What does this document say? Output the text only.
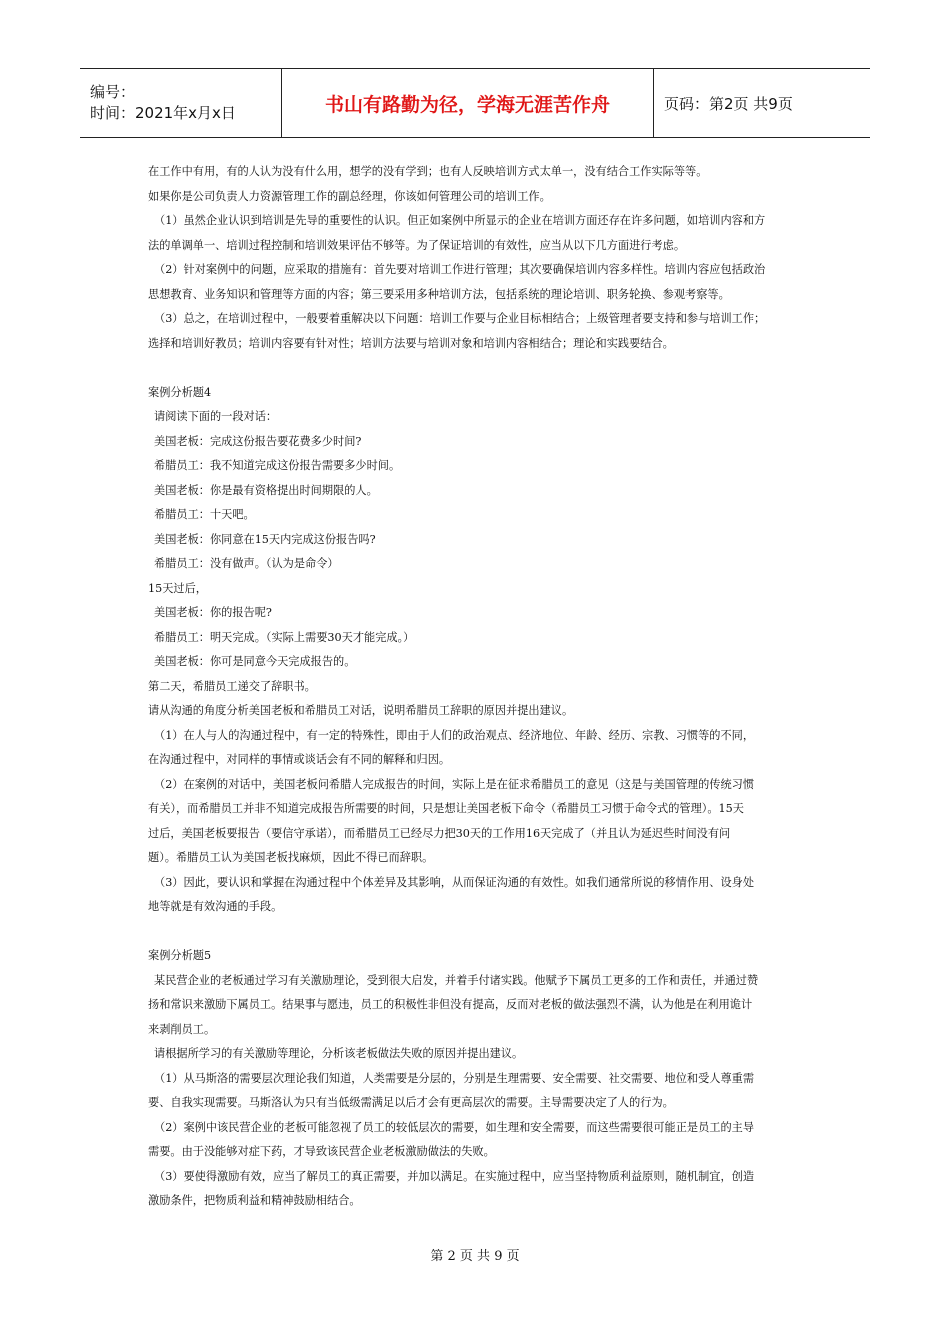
编号：
时间：2021年x月x日	书山有路勤为径，学海无涯苦作舟	页码：第2页 共9页
在工作中有用，有的人认为没有什么用，想学的没有学到；也有人反映培训方式太单一，没有结合工作实际等等。
如果你是公司负责人力资源管理工作的副总经理，你该如何管理公司的培训工作。
（1）虽然企业认识到培训是先导的重要性的认识。但正如案例中所显示的企业在培训方面还存在许多问题，如培训内容和方
法的单调单一、培训过程控制和培训效果评估不够等。为了保证培训的有效性，应当从以下几方面进行考虑。
（2）针对案例中的问题，应采取的措施有：首先要对培训工作进行管理；其次要确保培训内容多样性。培训内容应包括政治
思想教育、业务知识和管理等方面的内容；第三要采用多种培训方法，包括系统的理论培训、职务轮换、参观考察等。
（3）总之，在培训过程中，一般要着重解决以下问题：培训工作要与企业目标相结合；上级管理者要支持和参与培训工作；
选择和培训好教员；培训内容要有针对性；培训方法要与培训对象和培训内容相结合；理论和实践要结合。
案例分析题4
请阅读下面的一段对话：
美国老板：完成这份报告要花费多少时间?
希腊员工：我不知道完成这份报告需要多少时间。
美国老板：你是最有资格提出时间期限的人。
希腊员工：十天吧。
美国老板：你同意在15天内完成这份报告吗?
希腊员工：没有做声。（认为是命令）
15天过后，
美国老板：你的报告呢?
希腊员工：明天完成。（实际上需要30天才能完成。）
美国老板：你可是同意今天完成报告的。
第二天，希腊员工递交了辞职书。
请从沟通的角度分析美国老板和希腊员工对话，说明希腊员工辞职的原因并提出建议。
（1）在人与人的沟通过程中，有一定的特殊性，即由于人们的政治观点、经济地位、年龄、经历、宗教、习惯等的不同，
在沟通过程中，对同样的事情或谈话会有不同的解释和归因。
（2）在案例的对话中，美国老板问希腊人完成报告的时间，实际上是在征求希腊员工的意见（这是与美国管理的传统习惯
有关），而希腊员工并非不知道完成报告所需要的时间，只是想让美国老板下命令（希腊员工习惯于命令式的管理）。15天
过后，美国老板要报告（要信守承诺），而希腊员工已经尽力把30天的工作用16天完成了（并且认为延迟些时间没有问
题）。希腊员工认为美国老板找麻烦，因此不得已而辞职。
（3）因此，要认识和掌握在沟通过程中个体差异及其影响，从而保证沟通的有效性。如我们通常所说的移情作用、设身处
地等就是有效沟通的手段。
案例分析题5
某民营企业的老板通过学习有关激励理论，受到很大启发，并着手付诸实践。他赋予下属员工更多的工作和责任，并通过赞
扬和常识来激励下属员工。结果事与愿违，员工的积极性非但没有提高，反而对老板的做法强烈不满，认为他是在利用诡计
来剥削员工。
请根据所学习的有关激励等理论，分析该老板做法失败的原因并提出建议。
（1）从马斯洛的需要层次理论我们知道，人类需要是分层的，分别是生理需要、安全需要、社交需要、地位和受人尊重需
要、自我实现需要。马斯洛认为只有当低级需满足以后才会有更高层次的需要。主导需要决定了人的行为。
（2）案例中该民营企业的老板可能忽视了员工的较低层次的需要，如生理和安全需要，而这些需要很可能正是员工的主导
需要。由于没能够对症下药，才导致该民营企业老板激励做法的失败。
（3）要使得激励有效，应当了解员工的真正需要，并加以满足。在实施过程中，应当坚持物质利益原则，随机制宜，创造
激励条件，把物质利益和精神鼓励相结合。
第 2 页 共 9 页
